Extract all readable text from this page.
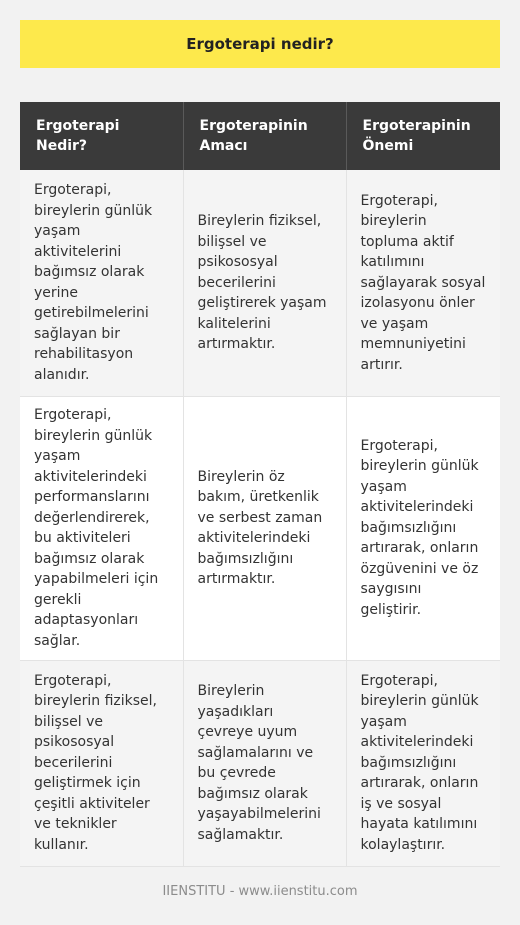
Ergoterapi nedir?
Ergoterapi Nedir?	Ergoterapinin Amacı	Ergoterapinin Önemi
Ergoterapi, bireylerin günlük yaşam aktivitelerini bağımsız olarak yerine getirebilmelerini sağlayan bir rehabilitasyon alanıdır.	Bireylerin fiziksel, bilişsel ve psikososyal becerilerini geliştirerek yaşam kalitelerini artırmaktır.	Ergoterapi, bireylerin topluma aktif katılımını sağlayarak sosyal izolasyonu önler ve yaşam memnuniyetini artırır.
Ergoterapi, bireylerin günlük yaşam aktivitelerindeki performanslarını değerlendirerek, bu aktiviteleri bağımsız olarak yapabilmeleri için gerekli adaptasyonları sağlar.	Bireylerin öz bakım, üretkenlik ve serbest zaman aktivitelerindeki bağımsızlığını artırmaktır.	Ergoterapi, bireylerin günlük yaşam aktivitelerindeki bağımsızlığını artırarak, onların özgüvenini ve öz saygısını geliştirir.
Ergoterapi, bireylerin fiziksel, bilişsel ve psikososyal becerilerini geliştirmek için çeşitli aktiviteler ve teknikler kullanır.	Bireylerin yaşadıkları çevreye uyum sağlamalarını ve bu çevrede bağımsız olarak yaşayabilmelerini sağlamaktır.	Ergoterapi, bireylerin günlük yaşam aktivitelerindeki bağımsızlığını artırarak, onların iş ve sosyal hayata katılımını kolaylaştırır.
IIENSTITU - www.iienstitu.com
